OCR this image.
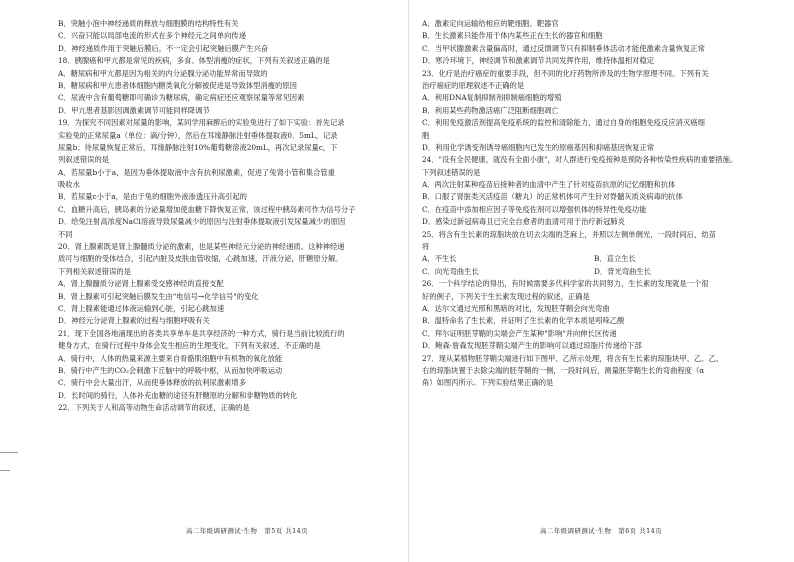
B．突触小泡中神经递质的释放与细胞膜的结构特性有关
C．兴奋只能以局部电流的形式在多个神经元之间单向传递
D．神经递质作用于突触后膜后，不一定会引起突触后膜产生兴奋
18．胰腺癌和甲亢都是常见的疾病，多食、体型消瘦的症状，下列有关叙述正确的是
A．糖尿病和甲亢都是因为相关的内分泌腺分泌功能异常而导致的
B．糖尿病和甲亢患者体细胞内糖类氧化分解被促进是导致体型消瘦的原因
C．尿液中含有葡萄糖即可确诊为糖尿病，确定病症还应观察尿量等常见因素
D．甲亢患者基影因调激素调节可能同样降调节
19．为探究不同因素对尿量的影响，某同学用麻醉后的实验兔进行了如下实验：首先记录
实验兔的正常尿量a（单位：滴/分钟），然后在耳缘静脉注射垂体提取液0．5mL，记录
尿量b；待尿量恢复正常后，耳缘静脉注射10%葡萄糖溶液20mL，再次记录尿量c，下
列叙述错误的是
A．若尿量b小于a，是因为垂体提取液中含有抗利尿激素，促进了兔肾小管和集合管重
吸收水
B．若尿量c小于a，是由于兔的细胞外液渗透压升高引起的
C．血糖升高后，胰岛素的分泌量增加使血糖下降恢复正常，该过程中胰岛素可作为信号分子
D．给兔注射高浓度NaCl溶液导致尿量减少的原因与注射垂体提取液引发尿量减少的原因
不同
20．肾上腺素既是肾上腺髓质分泌的激素，也是某些神经元分泌的神经递质。这种神经递
质可与细胞的受体结合，引起内脏及皮肤血管收缩，心跳加速，汗液分泌，肝糖原分解。
下列相关叙述错误的是
A．肾上腺髓质分泌肾上腺素受交感神经的直接支配
B．肾上腺素可引起突触后膜发生由"电信号→化学信号"的变化
C．肾上腺素能通过体液运输到心脏，引起心跳加速
D．神经元分泌肾上腺素的过程与细胞呼吸有关
21．现下全国各地涌现出的各类共享单车是共享经济的一种方式，骑行是当前比较流行的
健身方式，在骑行过程中身体会发生相应的生理变化，下列有关叙述，不正确的是
A．骑行中，人体的热量来源主要来自骨骼肌细胞中有机物的氧化放能
B．骑行中产生的CO₂会刺激下丘脑中的呼吸中枢，从而加快呼吸运动
C．骑行中会大量出汗，从而使垂体释放的抗利尿激素增多
D．长时间的骑行，人体补充血糖的途径有肝糖原的分解和非糖物质的转化
22．下列关于人和高等动物生命活动调节的叙述，正确的是
A．激素定向运输给相应的靶细胞、靶器官
B．生长激素只能作用于体内某些正在生长的器官和细胞
C．当甲状腺激素含量偏高时，通过反馈调节只有抑制垂体活动才能使激素含量恢复正常
D．寒冷环境下，神经调节和激素调节共同发挥作用，维持体温相对稳定
23．化疗是治疗癌症的重要手段，但不同的化疗药物所涉及的生物学原理不同。下列有关
治疗癌症的原理叙述不正确的是
A．利用DNA复制抑制剂抑制癌细胞的增殖
B．利用某些药物激活癌广泛阻断细胞凋亡
C．利用免疫激活剂提高免疫系统的监控和清除能力，通过自身的细胞免疫反应消灭癌细
胞
D．利用化学诱变剂诱导癌细胞内已发生的原癌基因和抑癌基因恢复正常
24．"没有全民健康，就没有全面小康"，对人群进行免疫接种是预防各种传染性疾病的重要措施。
下列叙述错误的是
A．两次注射某种疫苗后接种者的血清中产生了针对疫苗抗原的记忆细胞和抗体
B．口服了肾脏类灭活疫苗（糖丸）的正常机体可产生针对脊髓灰质炎病毒的抗体
C．在疫苗中添加相应因子等免疫佐剂可以增强机体的特异性免疫功能
D．感染过新冠病毒且已完全自愈者的血清可用于治疗新冠肺炎
25．将含有生长素的琼脂块放在切去尖端的芝麻上，并照以左侧单侧光，一段时间后，幼苗
将
A．不生长	B．直立生长
C．向光弯曲生长	D．背光弯曲生长
26．一个科学结论的得出，有时候需要多代科学家的共同努力，生长素的发现就是一个很
好的例子，下列关于生长素发现过程的叙述，正确是
A．达尔文通过光照和黑暗的对比，发现胚芽鞘会向光弯曲
B．温特命名了生长素，并证明了生长素的化学本质是吲哚乙酸
C．拜尔证明胚芽鞘的尖端会产生某种"影响"并向伸长区传递
D．鲍森·詹森发现胚芽鞘尖端产生的影响可以通过琼脂片传递给下部
27．现从某植物胚芽鞘尖端进行如下图甲、乙所示处理，将含有生长素的琼脂块甲、乙、乙、
右的琼脂块置于去除尖端的胚芽鞘的一侧，一段时间后，测量胚芽鞘生长的弯曲程度（α
角）如图丙所示。下列实验结果正确的是
高二年级调研测试·生物　第5页 共14页	高二年级调研测试·生物　第6页 共14页
